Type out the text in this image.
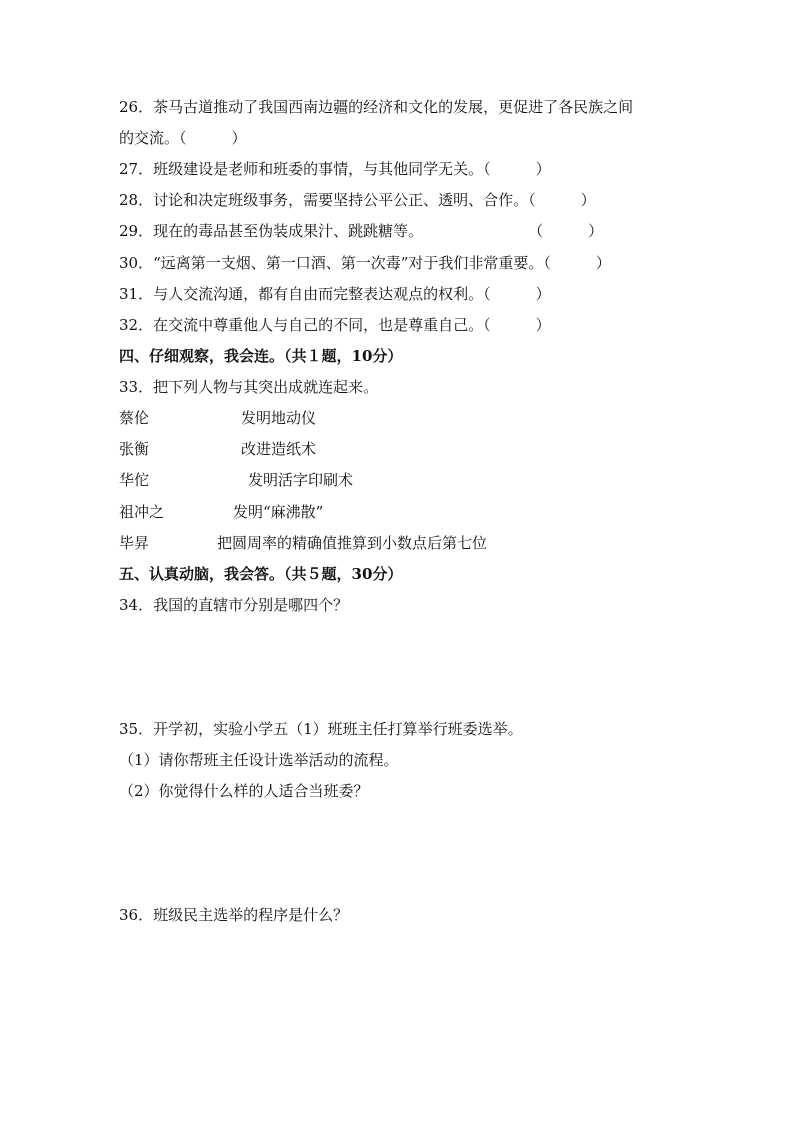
26．茶马古道推动了我国西南边疆的经济和文化的发展，更促进了各民族之间
的交流。（　　　）
27．班级建设是老师和班委的事情，与其他同学无关。（　　　）
28．讨论和决定班级事务，需要坚持公平公正、透明、合作。（　　　）
29．现在的毒品甚至伪装成果汁、跳跳糖等。　　　　　　　　（　　　）
30．“远离第一支烟、第一口酒、第一次毒”对于我们非常重要。（　　　）
31．与人交流沟通，都有自由而完整表达观点的权利。（　　　）
32．在交流中尊重他人与自己的不同，也是尊重自己。（　　　）
四、仔细观察，我会连。（共１题，10分）
33．把下列人物与其突出成就连起来。
蔡伦	发明地动仪
张衡	改进造纸术
华佗	发明活字印刷术
祖冲之	发明“麻沸散”
毕昇	把圆周率的精确值推算到小数点后第七位
五、认真动脑，我会答。（共５题，30分）
34．我国的直辖市分别是哪四个？
35．开学初，实验小学五（1）班班主任打算举行班委选举。
（1）请你帮班主任设计选举活动的流程。
（2）你觉得什么样的人适合当班委？
36．班级民主选举的程序是什么？
